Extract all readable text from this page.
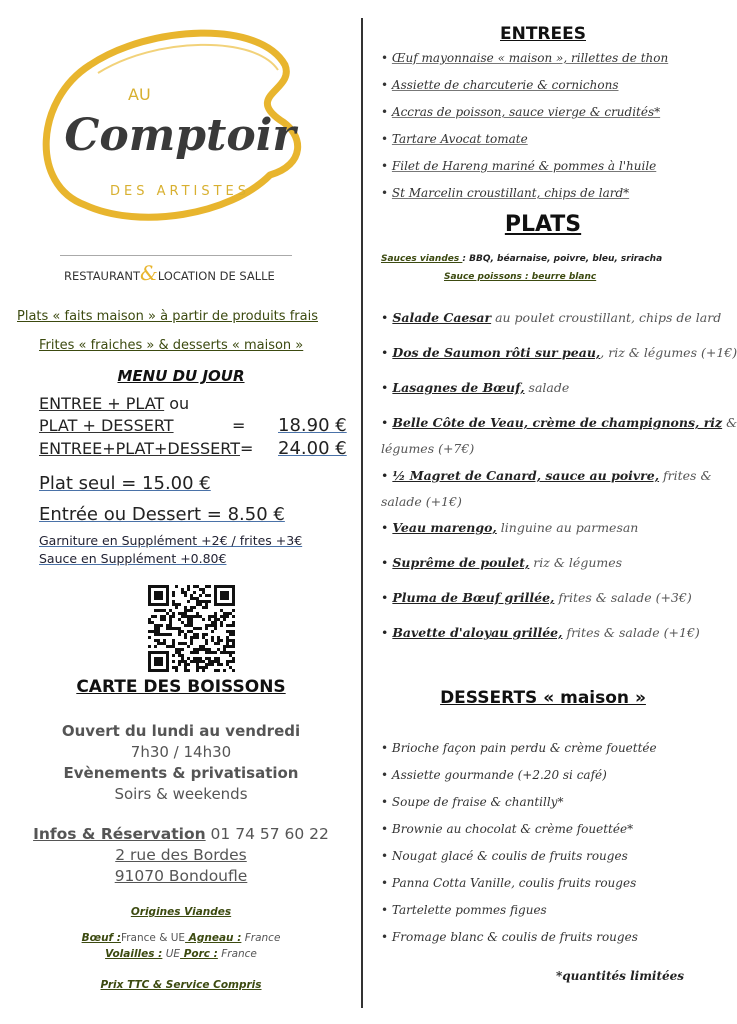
AU
Comptoir
DES ARTISTES
RESTAURANT&LOCATION DE SALLE
Plats « faits maison » à partir de produits frais
Frites « fraiches » & desserts « maison »
MENU DU JOUR
ENTREE + PLAT ou
PLAT + DESSERT	= 18.90 €
ENTREE+PLAT+DESSERT= 24.00 €
Plat seul = 15.00 €
Entrée ou Dessert = 8.50 €
Garniture en Supplément +2€ / frites +3€
Sauce en Supplément +0.80€
CARTE DES BOISSONS
Ouvert du lundi au vendredi
7h30 / 14h30
Evènements & privatisation
Soirs & weekends
Infos & Réservation 01 74 57 60 22
2 rue des Bordes
91070 Bondoufle
Origines Viandes
Bœuf :France & UE Agneau : France
Volailles : UE Porc : France
Prix TTC & Service Compris
ENTREES
• Œuf mayonnaise « maison », rillettes de thon
• Assiette de charcuterie & cornichons
• Accras de poisson, sauce vierge & crudités*
• Tartare Avocat tomate
• Filet de Hareng mariné & pommes à l'huile
• St Marcelin croustillant, chips de lard*
PLATS
Sauces viandes : BBQ, béarnaise, poivre, bleu, sriracha
Sauce poissons : beurre blanc
• Salade Caesar au poulet croustillant, chips de lard
• Dos de Saumon rôti sur peau,, riz & légumes (+1€)
• Lasagnes de Bœuf, salade
• Belle Côte de Veau, crème de champignons, riz &
légumes (+7€)
• ½ Magret de Canard, sauce au poivre, frites &
salade (+1€)
• Veau marengo, linguine au parmesan
• Suprême de poulet, riz & légumes
• Pluma de Bœuf grillée, frites & salade (+3€)
• Bavette d'aloyau grillée, frites & salade (+1€)
DESSERTS « maison »
• Brioche façon pain perdu & crème fouettée
• Assiette gourmande (+2.20 si café)
• Soupe de fraise & chantilly*
• Brownie au chocolat & crème fouettée*
• Nougat glacé & coulis de fruits rouges
• Panna Cotta Vanille, coulis fruits rouges
• Tartelette pommes figues
• Fromage blanc & coulis de fruits rouges
*quantités limitées
